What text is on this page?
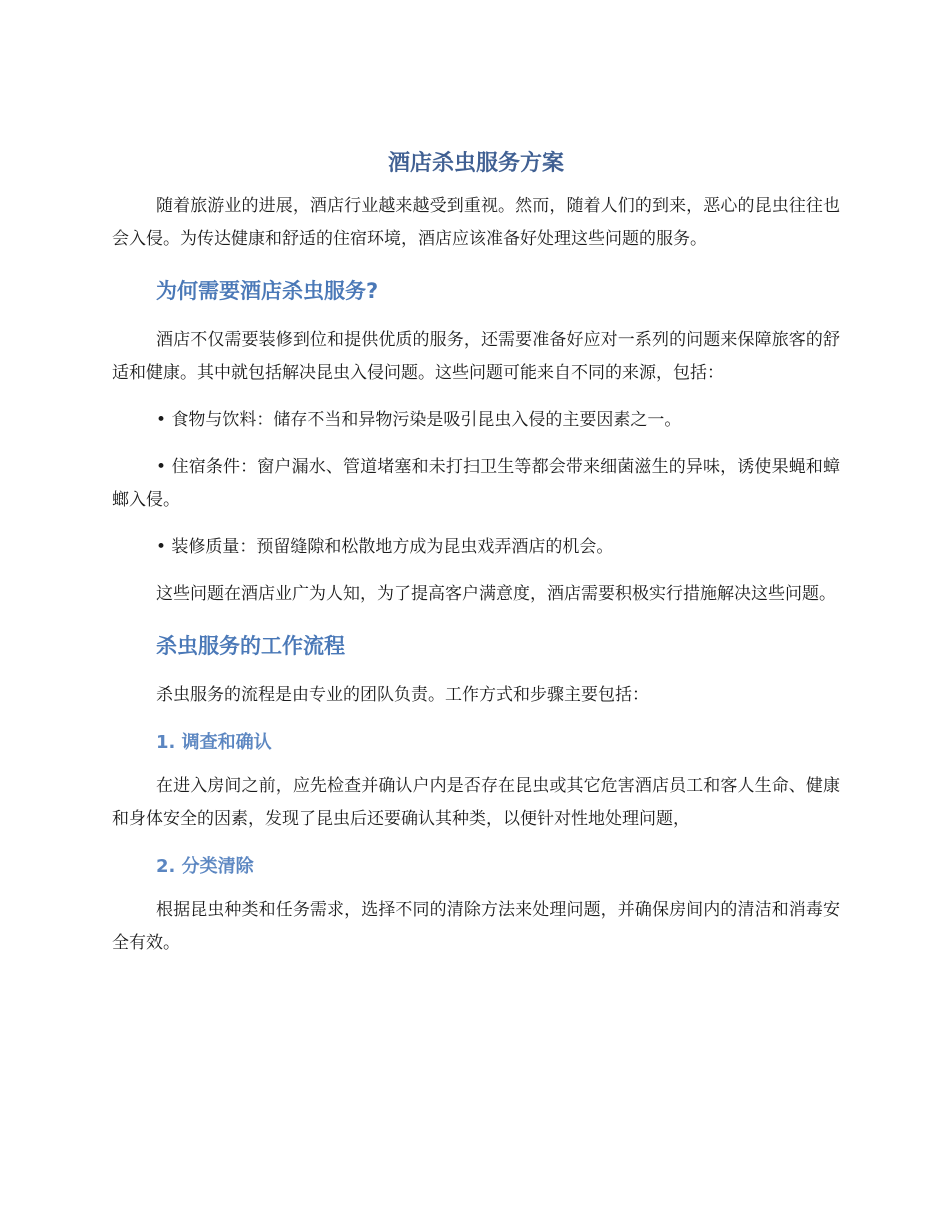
酒店杀虫服务方案

随着旅游业的进展，酒店行业越来越受到重视。然而，随着人们的到来，恶心的昆虫往往也会入侵。为传达健康和舒适的住宿环境，酒店应该准备好处理这些问题的服务。

为何需要酒店杀虫服务?

酒店不仅需要装修到位和提供优质的服务，还需要准备好应对一系列的问题来保障旅客的舒适和健康。其中就包括解决昆虫入侵问题。这些问题可能来自不同的来源，包括：

• 食物与饮料：储存不当和异物污染是吸引昆虫入侵的主要因素之一。

• 住宿条件：窗户漏水、管道堵塞和未打扫卫生等都会带来细菌滋生的异味，诱使果蝇和蟑螂入侵。

• 装修质量：预留缝隙和松散地方成为昆虫戏弄酒店的机会。

这些问题在酒店业广为人知，为了提高客户满意度，酒店需要积极实行措施解决这些问题。

杀虫服务的工作流程

杀虫服务的流程是由专业的团队负责。工作方式和步骤主要包括：

1. 调查和确认

在进入房间之前，应先检查并确认户内是否存在昆虫或其它危害酒店员工和客人生命、健康和身体安全的因素，发现了昆虫后还要确认其种类，以便针对性地处理问题，

2. 分类清除

根据昆虫种类和任务需求，选择不同的清除方法来处理问题，并确保房间内的清洁和消毒安全有效。
